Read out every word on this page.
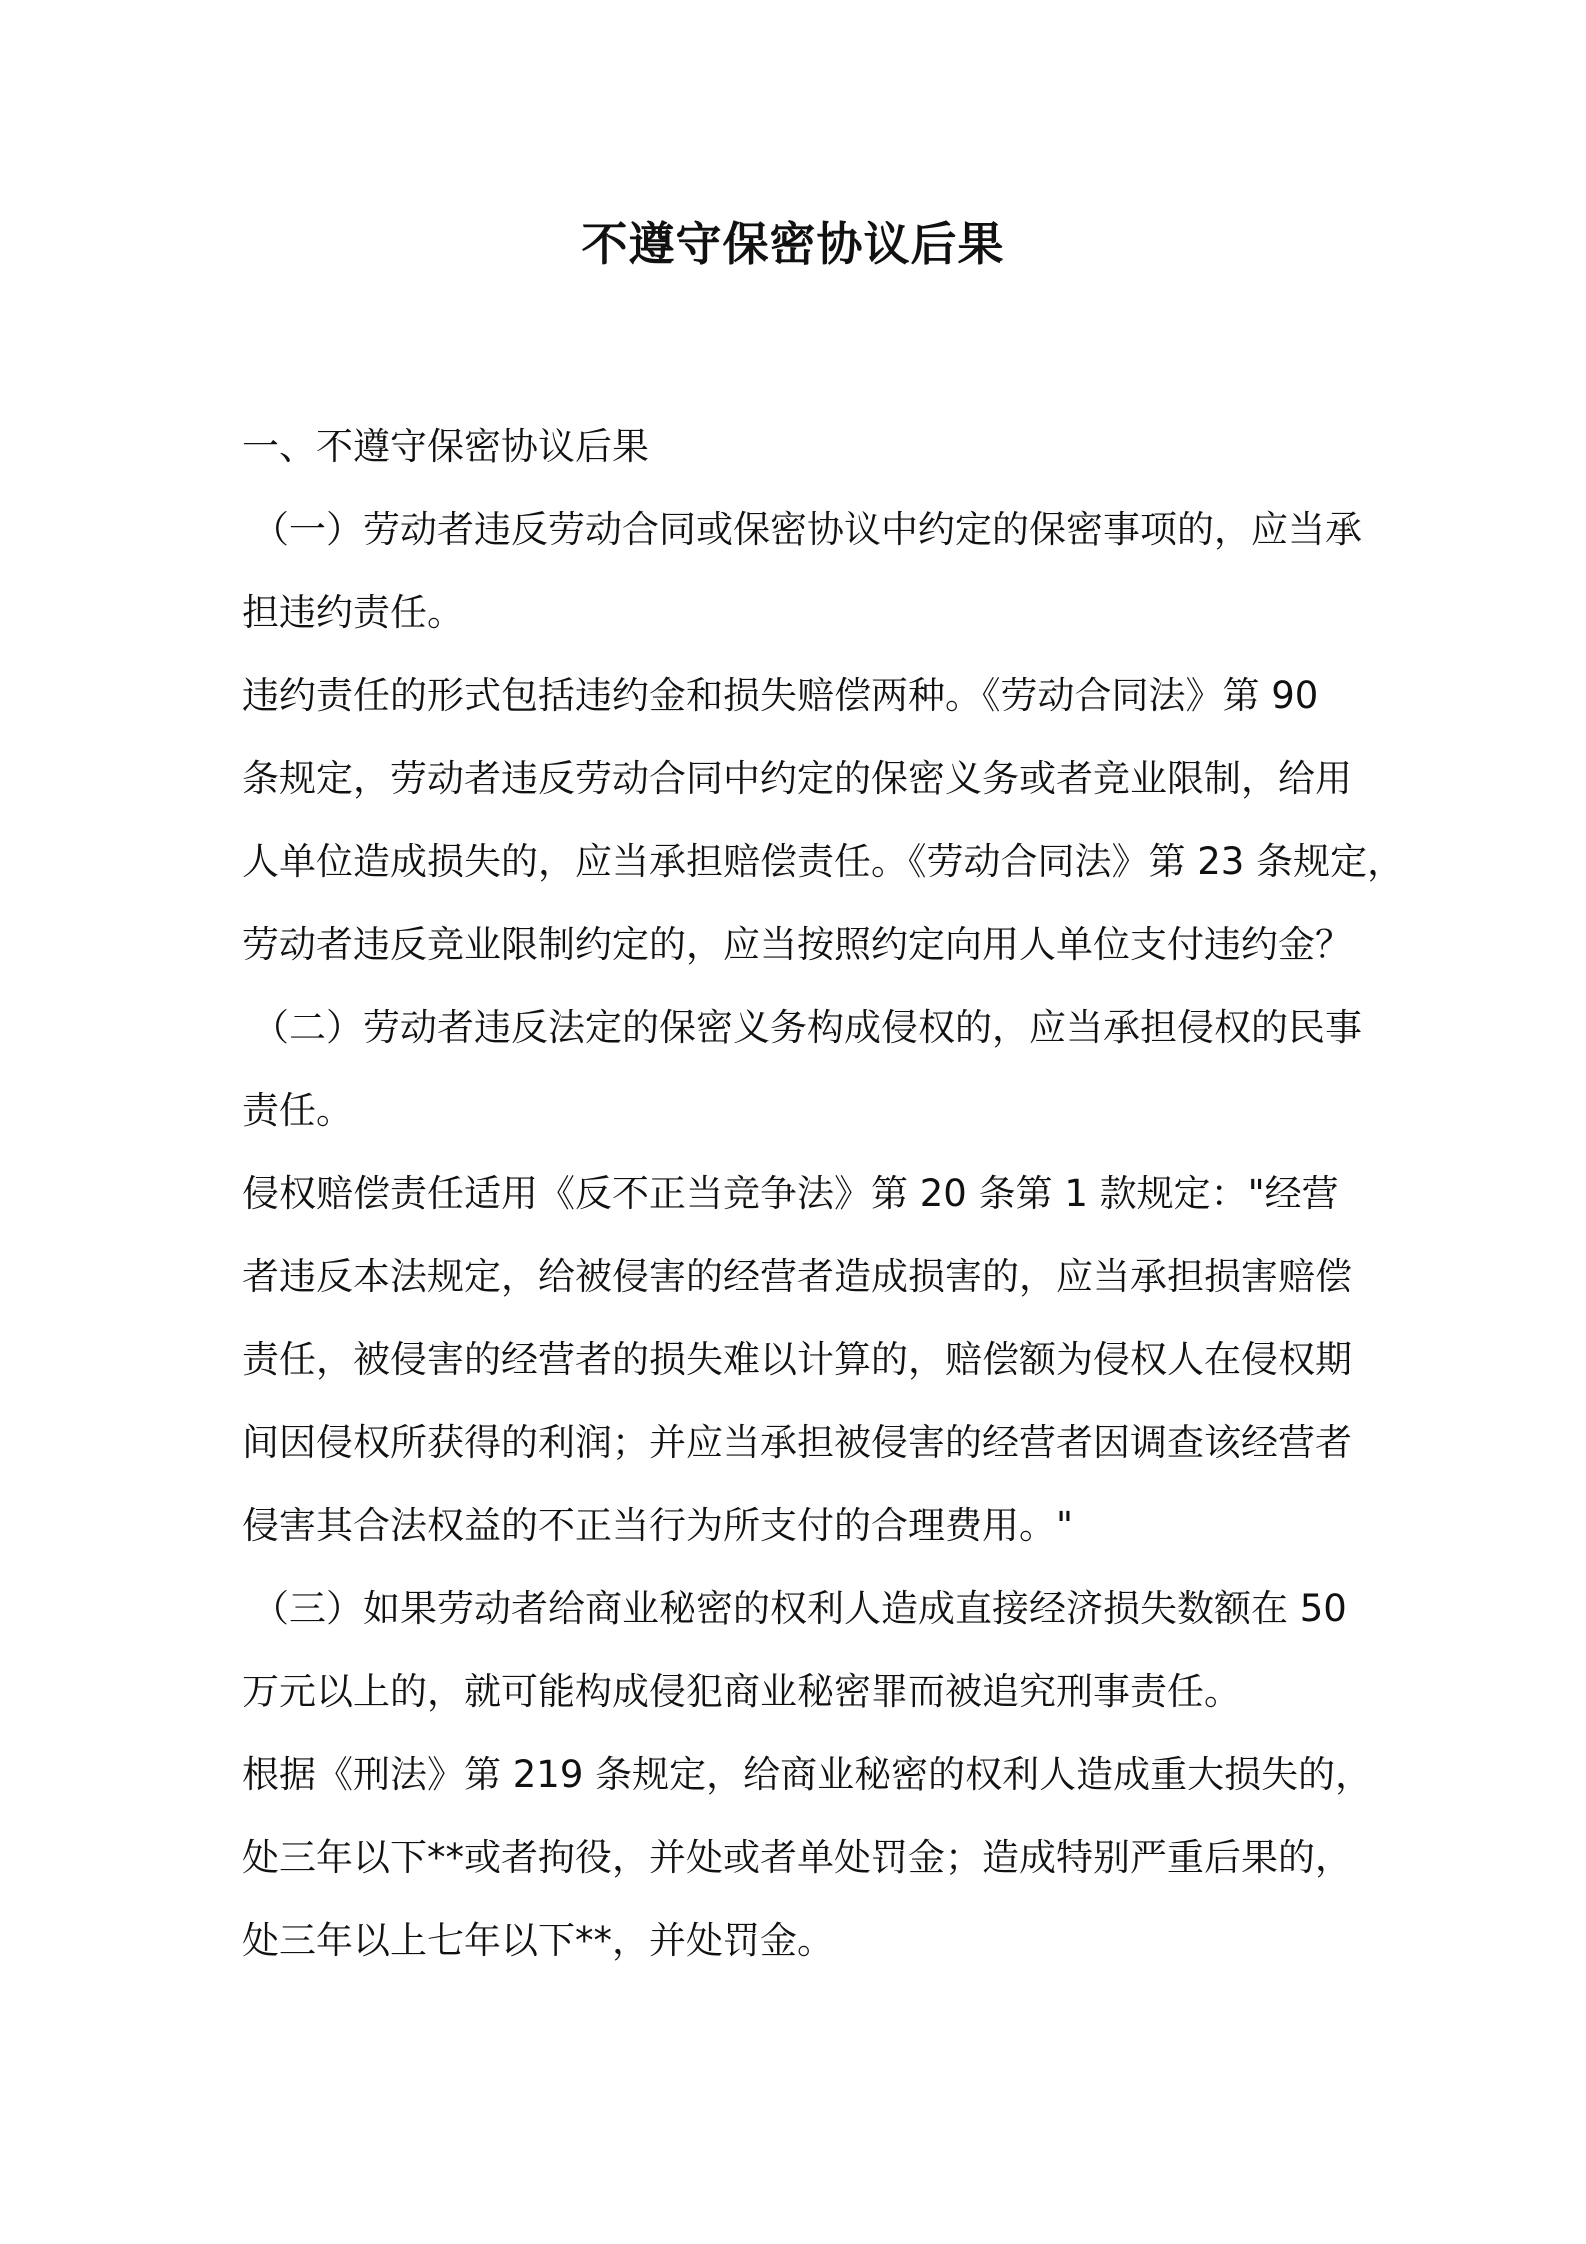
不遵守保密协议后果
一、不遵守保密协议后果
（一）劳动者违反劳动合同或保密协议中约定的保密事项的，应当承
担违约责任。
违约责任的形式包括违约金和损失赔偿两种。《劳动合同法》第 90
条规定，劳动者违反劳动合同中约定的保密义务或者竞业限制，给用
人单位造成损失的，应当承担赔偿责任。《劳动合同法》第 23 条规定，
劳动者违反竞业限制约定的，应当按照约定向用人单位支付违约金？
（二）劳动者违反法定的保密义务构成侵权的，应当承担侵权的民事
责任。
侵权赔偿责任适用《反不正当竞争法》第 20 条第 1 款规定："经营
者违反本法规定，给被侵害的经营者造成损害的，应当承担损害赔偿
责任，被侵害的经营者的损失难以计算的，赔偿额为侵权人在侵权期
间因侵权所获得的利润；并应当承担被侵害的经营者因调查该经营者
侵害其合法权益的不正当行为所支付的合理费用。"
（三）如果劳动者给商业秘密的权利人造成直接经济损失数额在 50
万元以上的，就可能构成侵犯商业秘密罪而被追究刑事责任。
根据《刑法》第 219 条规定，给商业秘密的权利人造成重大损失的，
处三年以下**或者拘役，并处或者单处罚金；造成特别严重后果的，
处三年以上七年以下**，并处罚金。
